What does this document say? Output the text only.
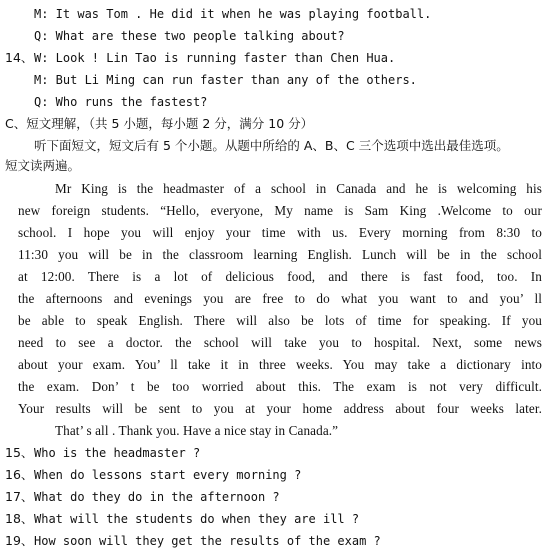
M: It was Tom . He did it when he was playing football.
Q: What are these two people talking about?
14、 W: Look ! Lin Tao is running faster than Chen Hua.
M: But Li Ming can run faster than any of the others.
Q: Who runs the fastest?
C、短文理解，（共 5 小题，每小题 2 分，满分 10 分）
听下面短文，短文后有 5 个小题。从题中所给的 A、B、C 三个选项中选出最佳选项。
短文读两遍。
Mr King is the headmaster of a school in Canada and he is welcoming his
new foreign students. “Hello, everyone, My name is Sam King .Welcome to our
school. I hope you will enjoy your time with us. Every morning from 8:30 to
11:30 you will be in the classroom learning English. Lunch will be in the school
at 12:00. There is a lot of delicious food, and there is fast food, too. In
the afternoons and evenings you are free to do what you want to and you’ ll
be able to speak English. There will also be lots of time for speaking. If you
need to see a doctor. the school will take you to hospital. Next, some news
about your exam. You’ ll take it in three weeks. You may take a dictionary into
the exam. Don’ t be too worried about this. The exam is not very difficult.
Your results will be sent to you at your home address about four weeks later.
That’ s all . Thank you. Have a nice stay in Canada.”
15、 Who is the headmaster ?
16、 When do lessons start every morning ?
17、 What do they do in the afternoon ?
18、 What will the students do when they are ill ?
19、 How soon will they get the results of the exam ?
